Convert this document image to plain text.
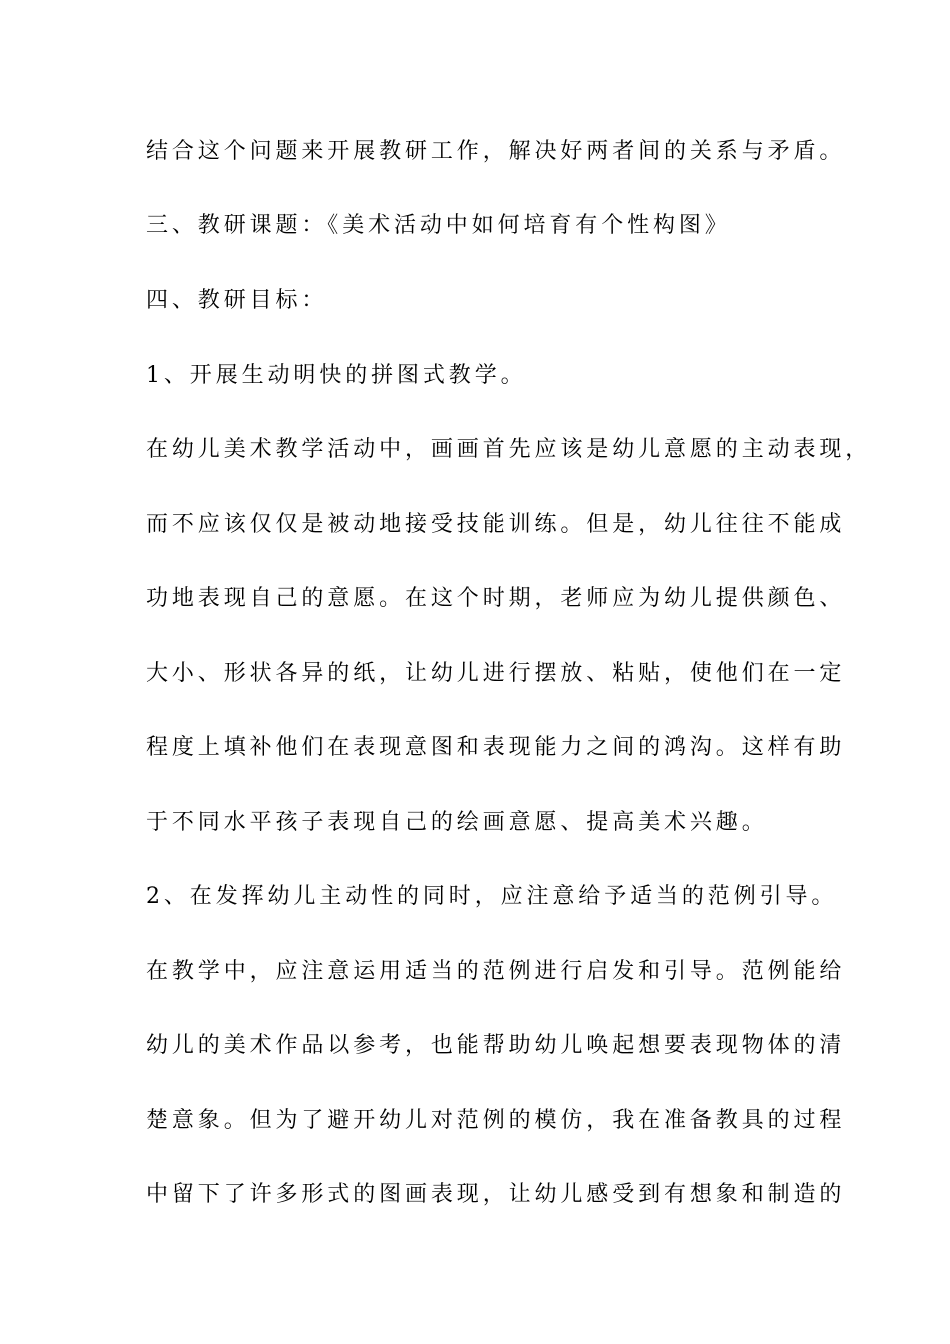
结合这个问题来开展教研工作，解决好两者间的关系与矛盾。
三、教研课题：《美术活动中如何培育有个性构图》
四、教研目标：
1、开展生动明快的拼图式教学。
在幼儿美术教学活动中，画画首先应该是幼儿意愿的主动表现，
而不应该仅仅是被动地接受技能训练。但是，幼儿往往不能成
功地表现自己的意愿。在这个时期，老师应为幼儿提供颜色、
大小、形状各异的纸，让幼儿进行摆放、粘贴，使他们在一定
程度上填补他们在表现意图和表现能力之间的鸿沟。这样有助
于不同水平孩子表现自己的绘画意愿、提高美术兴趣。
2、在发挥幼儿主动性的同时，应注意给予适当的范例引导。
在教学中，应注意运用适当的范例进行启发和引导。范例能给
幼儿的美术作品以参考，也能帮助幼儿唤起想要表现物体的清
楚意象。但为了避开幼儿对范例的模仿，我在准备教具的过程
中留下了许多形式的图画表现，让幼儿感受到有想象和制造的
